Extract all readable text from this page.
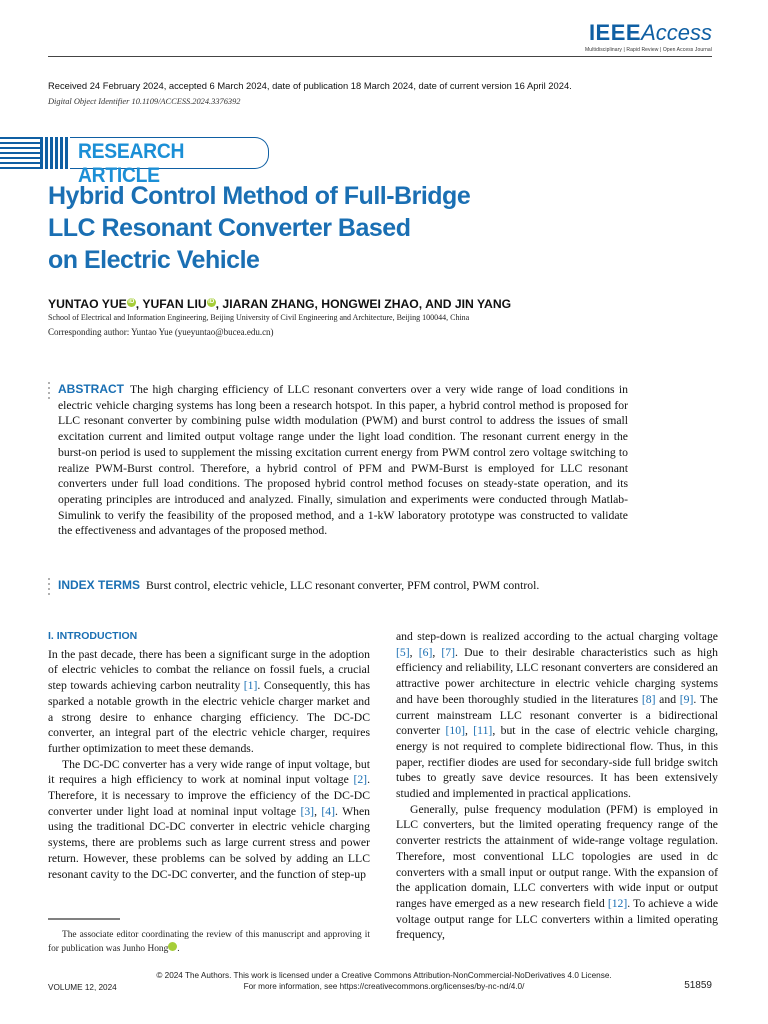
IEEEAccess
Multidisciplinary | Rapid Review | Open Access Journal
Received 24 February 2024, accepted 6 March 2024, date of publication 18 March 2024, date of current version 16 April 2024.
Digital Object Identifier 10.1109/ACCESS.2024.3376392
RESEARCH ARTICLE
Hybrid Control Method of Full-Bridge
LLC Resonant Converter Based
on Electric Vehicle
YUNTAO YUE iD , YUFAN LIU iD , JIARAN ZHANG, HONGWEI ZHAO, AND JIN YANG
School of Electrical and Information Engineering, Beijing University of Civil Engineering and Architecture, Beijing 100044, China
Corresponding author: Yuntao Yue (yueyuntao@bucea.edu.cn)
ABSTRACT The high charging efficiency of LLC resonant converters over a very wide range of load conditions in electric vehicle charging systems has long been a research hotspot. In this paper, a hybrid control method is proposed for LLC resonant converter by combining pulse width modulation (PWM) and burst control to address the issues of small excitation current and limited output voltage range under the light load condition. The resonant current energy in the burst-on period is used to supplement the missing excitation current energy from PWM control zero voltage switching to realize PWM-Burst control. Therefore, a hybrid control of PFM and PWM-Burst is employed for LLC resonant converters under full load conditions. The proposed hybrid control method focuses on steady-state operation, and its operating principles are introduced and analyzed. Finally, simulation and experiments were conducted through Matlab-Simulink to verify the feasibility of the proposed method, and a 1-kW laboratory prototype was constructed to validate the effectiveness and advantages of the proposed method.
INDEX TERMS Burst control, electric vehicle, LLC resonant converter, PFM control, PWM control.
I. INTRODUCTION

In the past decade, there has been a significant surge in the adoption of electric vehicles to combat the reliance on fossil fuels, a crucial step towards achieving carbon neutrality [1]. Consequently, this has sparked a notable growth in the electric vehicle charger market and a strong desire to enhance charging efficiency. The DC-DC converter, an integral part of the electric vehicle charger, requires further optimization to meet these demands.

The DC-DC converter has a very wide range of input voltage, but it requires a high efficiency to work at nominal input voltage [2]. Therefore, it is necessary to improve the efficiency of the DC-DC converter under light load at nominal input voltage [3], [4]. When using the traditional DC-DC converter in electric vehicle charging systems, there are problems such as large current stress and power return. However, these problems can be solved by adding an LLC resonant cavity to the DC-DC converter, and the function of step-up

The associate editor coordinating the review of this manuscript and approving it for publication was Junho Hong iD.

and step-down is realized according to the actual charging voltage [5], [6], [7]. Due to their desirable characteristics such as high efficiency and reliability, LLC resonant converters are considered an attractive power architecture in electric vehicle charging systems and have been thoroughly studied in the literatures [8] and [9]. The current mainstream LLC resonant converter is a bidirectional converter [10], [11], but in the case of electric vehicle charging, energy is not required to complete bidirectional flow. Thus, in this paper, rectifier diodes are used for secondary-side full bridge switch tubes to greatly save device resources. It has been extensively studied and implemented in practical applications.

Generally, pulse frequency modulation (PFM) is employed in LLC converters, but the limited operating frequency range of the converter restricts the attainment of wide-range voltage regulation. Therefore, most conventional LLC topologies are used in dc converters with a small input or output range. With the expansion of the application domain, LLC converters with wide input or output ranges have emerged as a new research field [12]. To achieve a wide voltage output range for LLC converters within a limited operating frequency,

© 2024 The Authors. This work is licensed under a Creative Commons Attribution-NonCommercial-NoDerivatives 4.0 License.
For more information, see https://creativecommons.org/licenses/by-nc-nd/4.0/
VOLUME 12, 2024	51859
